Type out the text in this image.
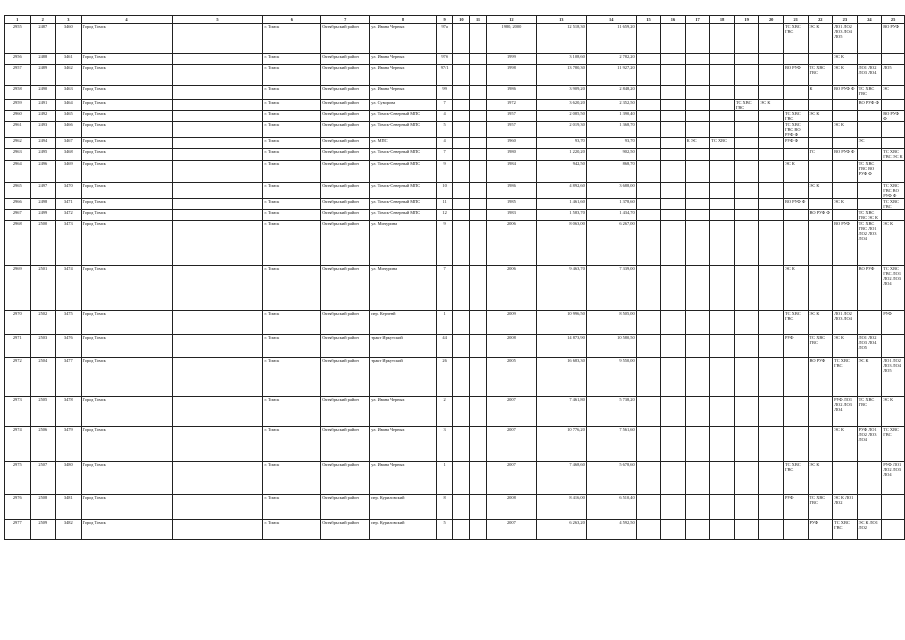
1	2	3	4	5	6	7	8	9	10	11	12	13	14	15	16	17	18	19	20	21	22	23	24	25
2955	2487	3460	Город Томск		г. Томск	Октябрьский район	ул. Ивана Черных	97а			1980, 2000	12 518,30	11 659,20							ТС ХВС ГВС	ЭС К	ЛО1 ЛО2 ЛО3 ЛО4 ЛО5		ВО РУФ
2956	2488	3461	Город Томск		г. Томск	Октябрьский район	ул. Ивана Черных	97б			1999	3 108,60	2 782,20									ЭС К		
2957	2489	3462	Город Томск		г. Томск	Октябрьский район	ул. Ивана Черных	97/1			1998	13 780,30	11 927,20							ВО РУФ	ТС ХВС ГВС	ЭС К	ЛО1 ЛО2 ЛО3 ЛО4	ЛО5
2958	2490	3463	Город Томск		г. Томск	Октябрьский район	ул. Ивана Черных	99			1986	3 909,20	2 848,20								К	ВО РУФ Ф	ТС ХВС ГВС	ЭС
2959	2491	3464	Город Томск		г. Томск	Октябрьский район	ул. Суворова	7			1972	3 620,20	2 352,50					ТС ХВС ГВС	ЭС К				ВО РУФ Ф	
2960	2492	3465	Город Томск		г. Томск	Октябрьский район	ул. Томск-Северный МПС	4			1957	2 085,50	1 390,40							ТС ХВС ГВС	ЭС К			ВО РУФ Ф
2961	2493	3466	Город Томск		г. Томск	Октябрьский район	ул. Томск-Северный МПС	5			1957	2 019,30	1 368,70							ТС ХВС ГВС ВО РУФ Ф		ЭС К		
2962	2494	3467	Город Томск		г. Томск	Октябрьский район	ул. МПС	4			1960	93,70	93,70			К ЭС	ТС ХВС			РУФ Ф			ЭС	
2963	2495	3468	Город Томск		г. Томск	Октябрьский район	ул. Томск-Северный МПС	7			1980	1 220,20	902,50								ГС	ВО РУФ Ф		ТС ХВС ГВС ЭС К
2964	2496	3469	Город Томск		г. Томск	Октябрьский район	ул. Томск-Северный МПС	9			1984	942,50	868,70							ЭС К			ТС ХВС ГВС ВО РУФ Ф	
2965	2497	3470	Город Томск		г. Томск	Октябрьский район	ул. Томск-Северный МПС	10			1986	4 892,60	3 688,00								ЭС К			ТС ХВС ГВС ВО РУФ Ф
2966	2498	3471	Город Томск		г. Томск	Октябрьский район	ул. Томск-Северный МПС	11			1985	1 461,60	1 378,60							ВО РУФ Ф		ЭС К		ТС ХВС ГВС
2967	2499	3472	Город Томск		г. Томск	Октябрьский район	ул. Томск-Северный МПС	12			1983	1 583,70	1 434,70								ВО РУФ Ф		ТС ХВС ГВС ЭС К	
2968	2500	3473	Город Томск		г. Томск	Октябрьский район	ул. Мичурина	9			2006	8 063,00	6 267,00									ВО РУФ	ТС ХВС ГВС ЛО1 ЛО2 ЛО3 ЛО4	ЭС К
2969	2501	3474	Город Томск		г. Томск	Октябрьский район	ул. Мичурина	7			2006	9 463,70	7 339,00							ЭС К			ВО РУФ	ТС ХВС ГВС ЛО1 ЛО2 ЛО3 ЛО4
2970	2502	3475	Город Томск		г. Томск	Октябрьский район	пер. Керченй	1			2009	10 996,50	8 505,00							ТС ХВС ГВС	ЭС К	ЛО1 ЛО2 ЛО3 ЛО4		РУФ
2971	2503	3476	Город Томск		г. Томск	Октябрьский район	тракт Иркутский	44			2008	14 873,90	10 580,50							РУФ	ТС ХВС ГВС	ЭС К	ЛО1 ЛО2 ЛО3 ЛО4 ЛО5	
2972	2504	3477	Город Томск		г. Томск	Октябрьский район	тракт Иркутский	26			2005	16 683,30	9 550,00								ВО РУФ	ТС ХВС ГВС	ЭС К	ЛО1 ЛО2 ЛО3 ЛО4 ЛО5
2973	2505	3478	Город Томск		г. Томск	Октябрьский район	ул. Ивана Черных	2			2007	7 461,80	5 738,20									РУФ ЛО1 ЛО2 ЛО3 ЛО4	ТС ХВС ГВС	ЭС К
2974	2506	3479	Город Томск		г. Томск	Октябрьский район	ул. Ивана Черных	3			2007	10 776,20	7 561,60									ЭС К	РУФ ЛО1 ЛО2 ЛО3 ЛО4	ТС ХВС ГВС
2975	2507	3480	Город Томск		г. Томск	Октябрьский район	ул. Ивана Черных	1			2007	7 468,60	5 678,60							ТС ХВС ГВС	ЭС К			РУФ ЛО1 ЛО2 ЛО3 ЛО4
2976	2508	3481	Город Томск		г. Томск	Октябрьский район	пер. Куриловский	8			2008	8 416,00	6 510,40							РУФ	ТС ХВС ГВС	ЭС К ЛО1 ЛО2		
2977	2509	3482	Город Томск		г. Томск	Октябрьский район	пер. Куриловский	5			2007	6 263,20	4 592,50								РУФ	ТС ХВС ГВС	ЭС К ЛО1 ЛО2	
